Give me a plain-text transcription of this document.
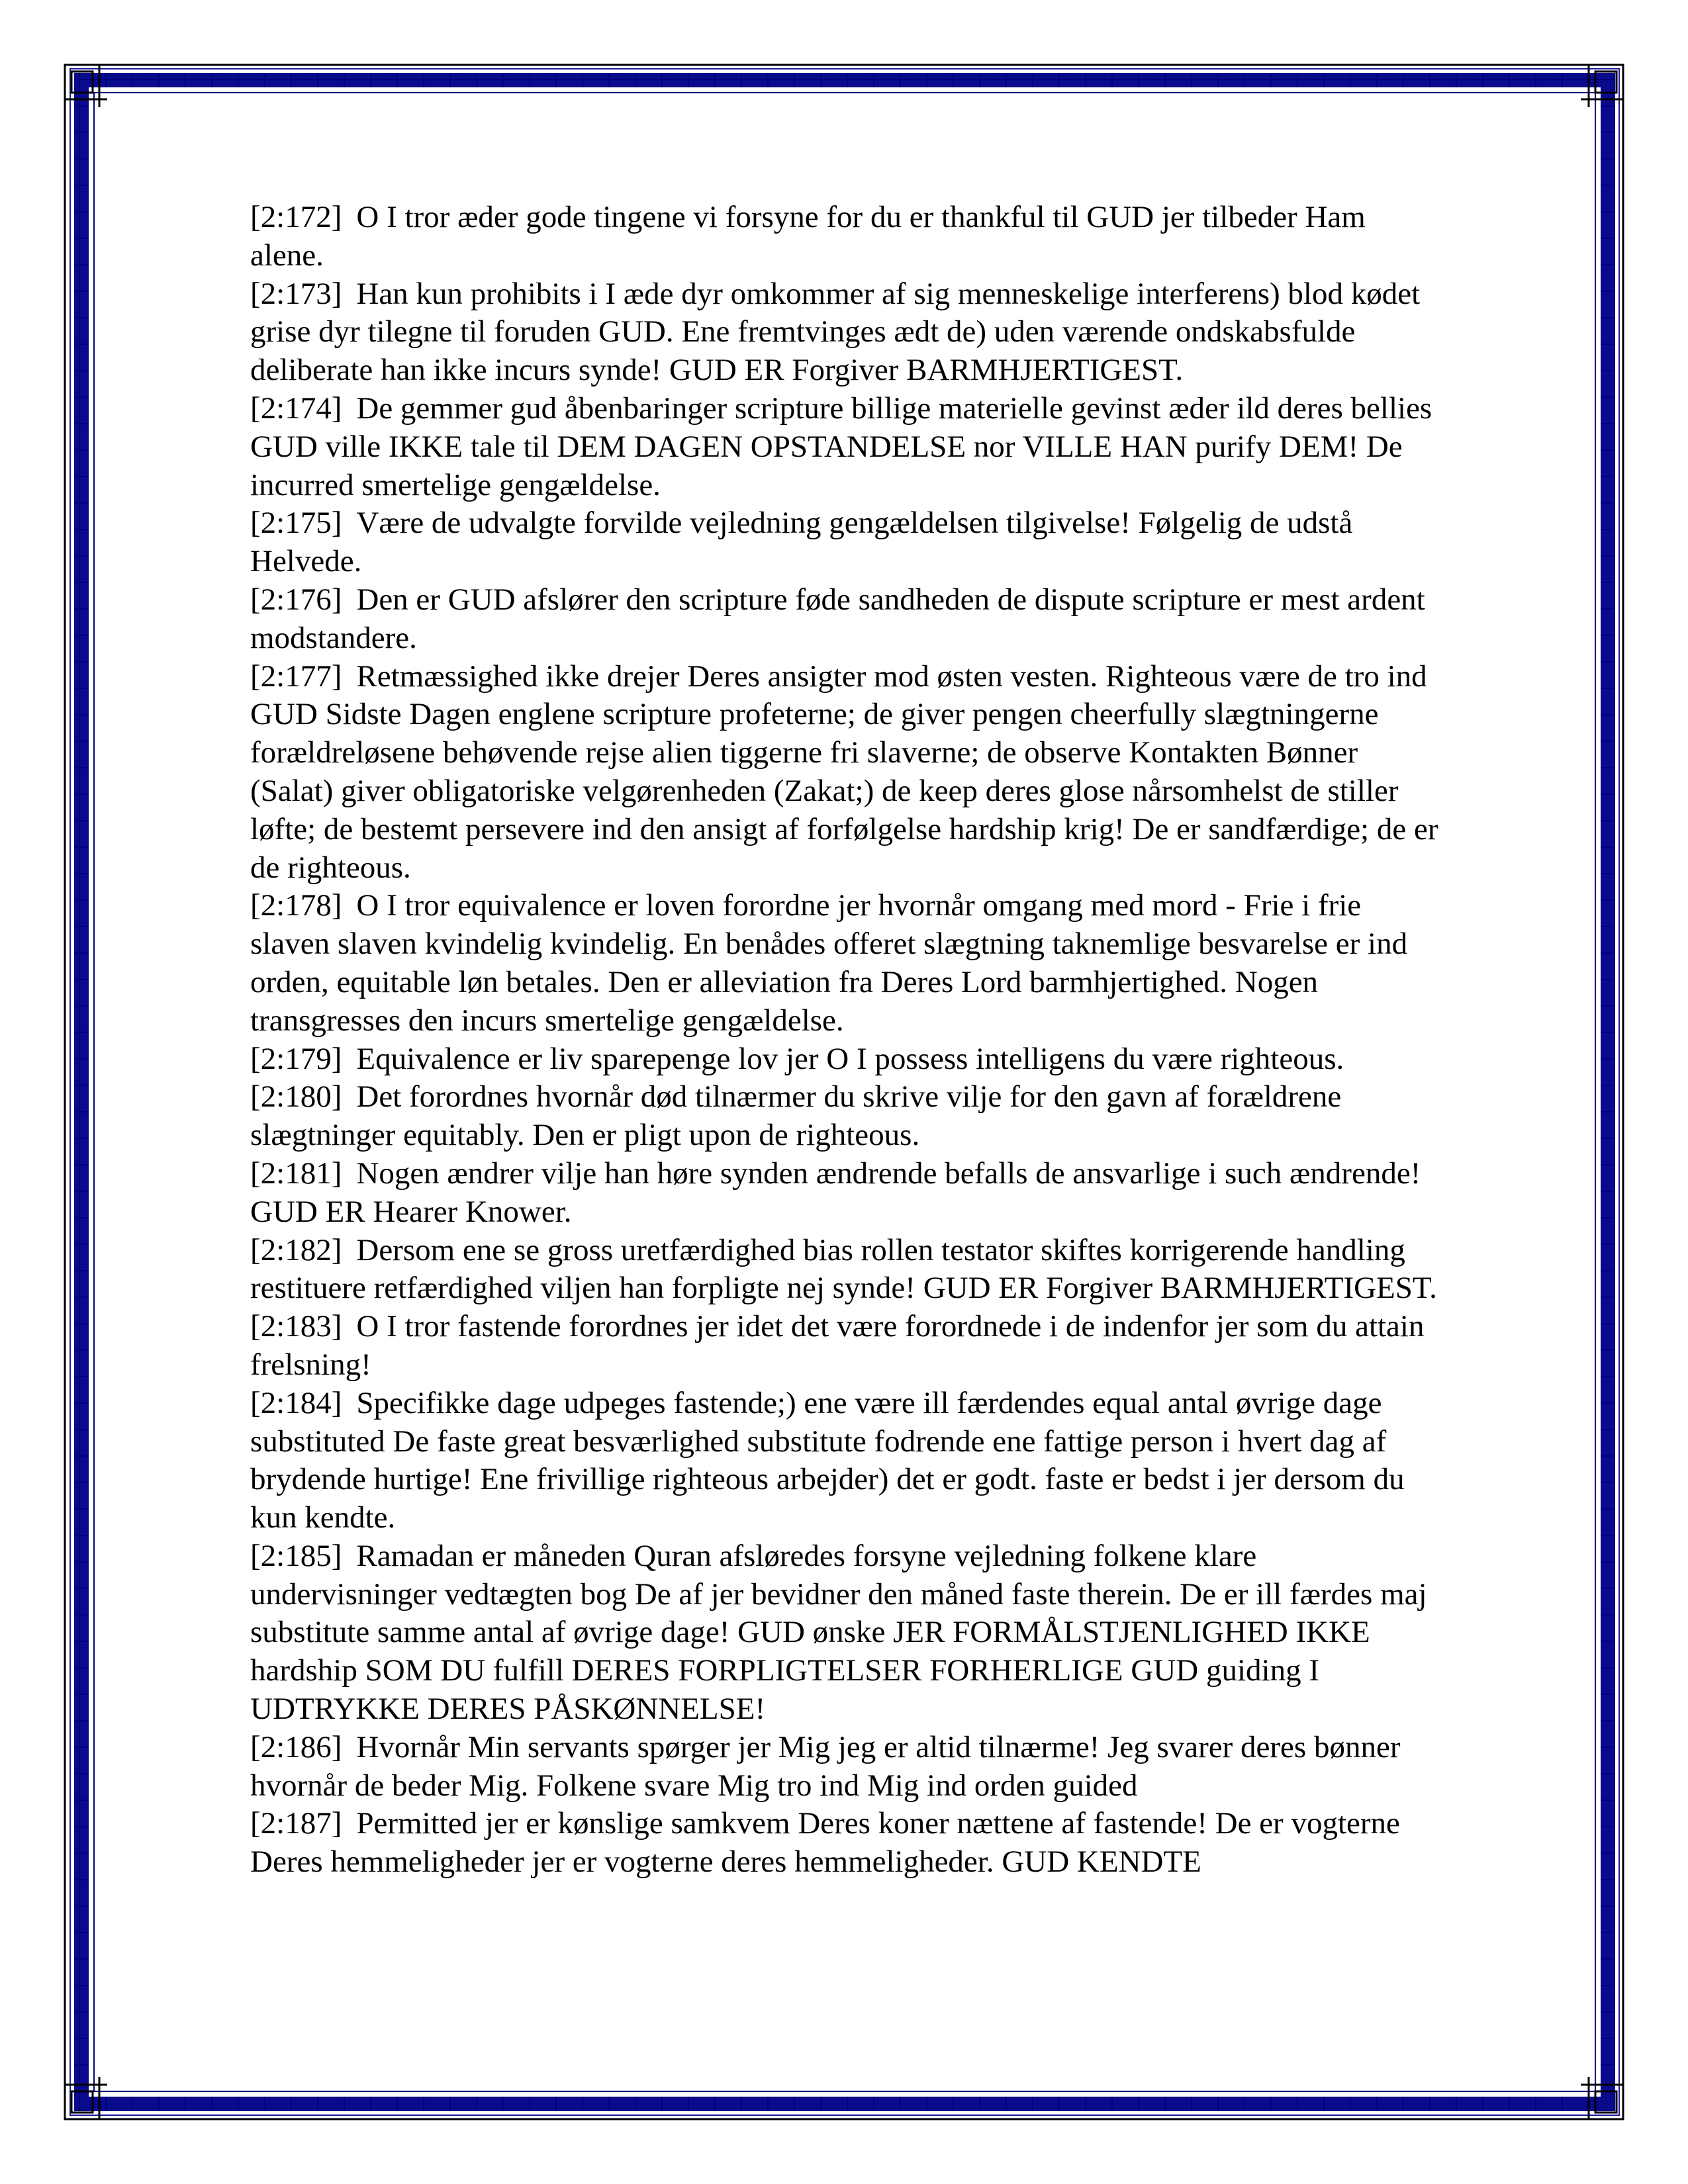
[2:172] O I tror æder gode tingene vi forsyne for du er thankful til GUD jer tilbeder Ham alene.

[2:173] Han kun prohibits i I æde dyr omkommer af sig menneskelige interferens) blod kødet grise dyr tilegne til foruden GUD. Ene fremtvinges ædt de) uden værende ondskabsfulde deliberate han ikke incurs synde! GUD ER Forgiver BARMHJERTIGEST.

[2:174] De gemmer gud åbenbaringer scripture billige materielle gevinst æder ild deres bellies GUD ville IKKE tale til DEM DAGEN OPSTANDELSE nor VILLE HAN purify DEM! De incurred smertelige gengældelse.

[2:175] Være de udvalgte forvilde vejledning gengældelsen tilgivelse! Følgelig de udstå Helvede.

[2:176] Den er GUD afslører den scripture føde sandheden de dispute scripture er mest ardent modstandere.

[2:177] Retmæssighed ikke drejer Deres ansigter mod østen vesten. Righteous være de tro ind GUD Sidste Dagen englene scripture profeterne; de giver pengen cheerfully slægtningerne forældreløsene behøvende rejse alien tiggerne fri slaverne; de observe Kontakten Bønner (Salat) giver obligatoriske velgørenheden (Zakat;) de keep deres glose nårsomhelst de stiller løfte; de bestemt persevere ind den ansigt af forfølgelse hardship krig! De er sandfærdige; de er de righteous.

[2:178] O I tror equivalence er loven forordne jer hvornår omgang med mord - Frie i frie slaven slaven kvindelig kvindelig. En benådes offeret slægtning taknemlige besvarelse er ind orden, equitable løn betales. Den er alleviation fra Deres Lord barmhjertighed. Nogen transgresses den incurs smertelige gengældelse.

[2:179] Equivalence er liv sparepenge lov jer O I possess intelligens du være righteous.

[2:180] Det forordnes hvornår død tilnærmer du skrive vilje for den gavn af forældrene slægtninger equitably. Den er pligt upon de righteous.

[2:181] Nogen ændrer vilje han høre synden ændrende befalls de ansvarlige i such ændrende! GUD ER Hearer Knower.

[2:182] Dersom ene se gross uretfærdighed bias rollen testator skiftes korrigerende handling restituere retfærdighed viljen han forpligte nej synde! GUD ER Forgiver BARMHJERTIGEST.

[2:183] O I tror fastende forordnes jer idet det være forordnede i de indenfor jer som du attain frelsning!

[2:184] Specifikke dage udpeges fastende;) ene være ill færdendes equal antal øvrige dage substituted De faste great besværlighed substitute fodrende ene fattige person i hvert dag af brydende hurtige! Ene frivillige righteous arbejder) det er godt. faste er bedst i jer dersom du kun kendte.

[2:185] Ramadan er måneden Quran afsløredes forsyne vejledning folkene klare undervisninger vedtægten bog De af jer bevidner den måned faste therein. De er ill færdes maj substitute samme antal af øvrige dage! GUD ønske JER FORMÅLSTJENLIGHED IKKE hardship SOM DU fulfill DERES FORPLIGTELSER FORHERLIGE GUD guiding I UDTRYKKE DERES PÅSKØNNELSE!

[2:186] Hvornår Min servants spørger jer Mig jeg er altid tilnærme! Jeg svarer deres bønner hvornår de beder Mig. Folkene svare Mig tro ind Mig ind orden guided

[2:187] Permitted jer er kønslige samkvem Deres koner nættene af fastende! De er vogterne Deres hemmeligheder jer er vogterne deres hemmeligheder. GUD KENDTE
